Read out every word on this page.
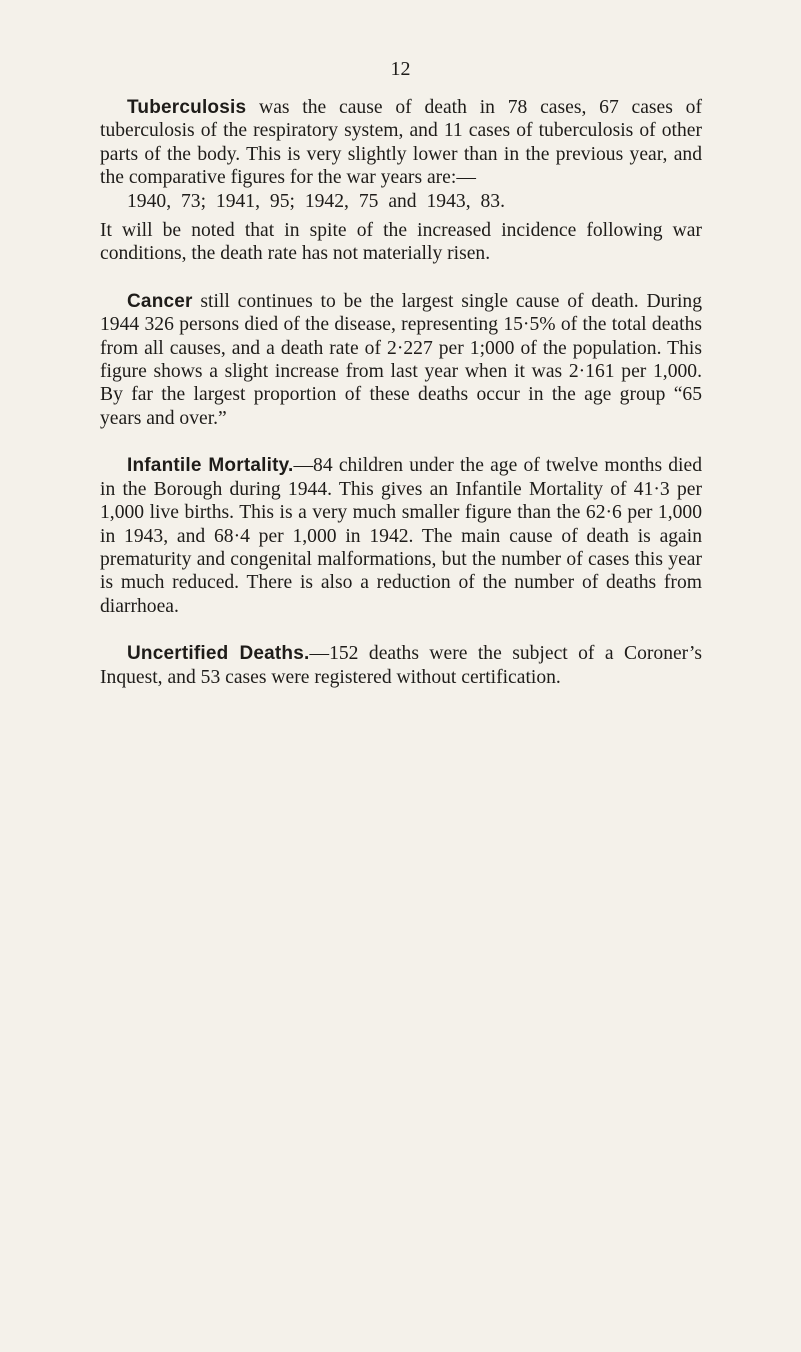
12

Tuberculosis was the cause of death in 78 cases, 67 cases of tuberculosis of the respiratory system, and 11 cases of tuberculosis of other parts of the body. This is very slightly lower than in the previous year, and the comparative figures for the war years are:—

1940, 73; 1941, 95; 1942, 75 and 1943, 83.

It will be noted that in spite of the increased incidence following war conditions, the death rate has not materially risen.

Cancer still continues to be the largest single cause of death. During 1944 326 persons died of the disease, representing 15·5% of the total deaths from all causes, and a death rate of 2·227 per 1;000 of the population. This figure shows a slight increase from last year when it was 2·161 per 1,000. By far the largest proportion of these deaths occur in the age group “65 years and over.”

Infantile Mortality.—84 children under the age of twelve months died in the Borough during 1944. This gives an Infantile Mortality of 41·3 per 1,000 live births. This is a very much smaller figure than the 62·6 per 1,000 in 1943, and 68·4 per 1,000 in 1942. The main cause of death is again prematurity and congenital malformations, but the number of cases this year is much reduced. There is also a reduction of the number of deaths from diarrhoea.

Uncertified Deaths.—152 deaths were the subject of a Coroner’s Inquest, and 53 cases were registered without certification.
